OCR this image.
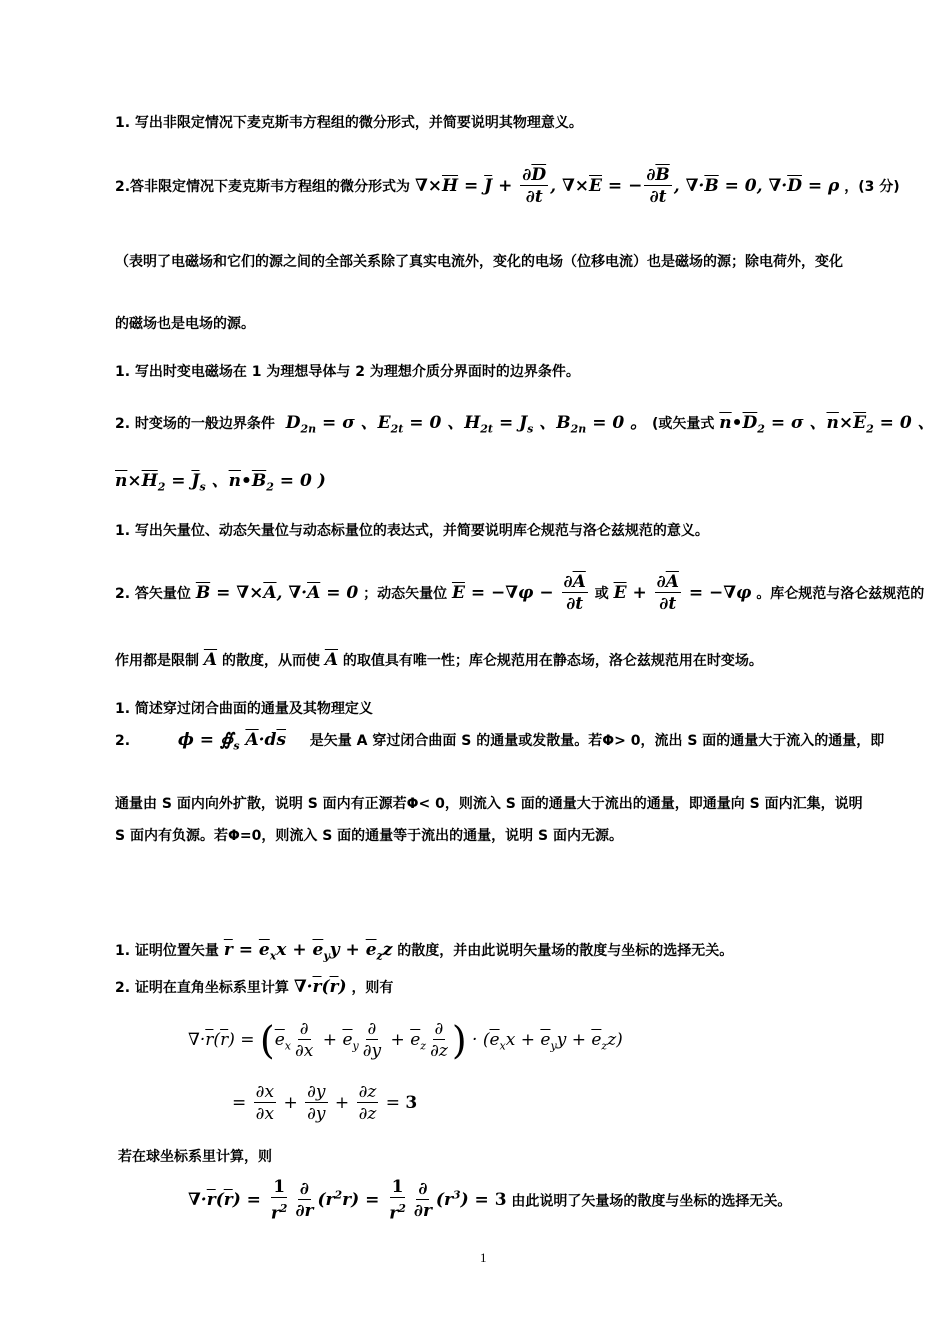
1. 写出非限定情况下麦克斯韦方程组的微分形式，并简要说明其物理意义。
2.答非限定情况下麦克斯韦方程组的微分形式为 $\nabla\times\overline{H} = \overline{J} + \frac{\partial\overline{D}}{\partial t}$ , $\nabla\times\overline{E}$ = − $\frac{\partial\overline{B}}{\partial t}$ , $\nabla\cdot\overline{B} = 0$, $\nabla\cdot\overline{D} = \rho$ ，(3 分)
（表明了电磁场和它们的源之间的全部关系除了真实电流外，变化的电场（位移电流）也是磁场的源；除电荷外，变化
的磁场也是电场的源。
1. 写出时变电磁场在 1 为理想导体与 2 为理想介质分界面时的边界条件。
2. 时变场的一般边界条件  $D_{2n} = \sigma$ 、$E_{2t} = 0$ 、$H_{2t} = J_s$ 、$B_{2n} = 0$ 。 (或矢量式 $\overline{n}•\overline{D}_2 = \sigma$ 、$\overline{n}\times\overline{E}_2 = 0$ 、
$\overline{n}\times\overline{H}_2 = \overline{J}_s$ 、$\overline{n}•\overline{B}_2 = 0$ )
1. 写出矢量位、动态矢量位与动态标量位的表达式，并简要说明库仑规范与洛仑兹规范的意义。
2. 答矢量位 $\overline{B} = \nabla\times\overline{A}$, $\nabla\cdot\overline{A} = 0$ ；动态矢量位 $\overline{E} = -\nabla\varphi - \frac{\partial\overline{A}}{\partial t}$ 或 $\overline{E} + \frac{\partial\overline{A}}{\partial t} = -\nabla\varphi$ 。库仑规范与洛仑兹规范的
作用都是限制 $\overline{A}$ 的散度，从而使 $\overline{A}$ 的取值具有唯一性；库仑规范用在静态场，洛仑兹规范用在时变场。
1. 简述穿过闭合曲面的通量及其物理定义
2.	$\phi = ∯_s$ $\overline{A}\cdot d\overline{s}$ 是矢量 A 穿过闭合曲面 S 的通量或发散量。若Φ> 0，流出 S 面的通量大于流入的通量，即
通量由 S 面内向外扩散，说明 S 面内有正源若Φ< 0，则流入 S 面的通量大于流出的通量，即通量向 S 面内汇集，说明
S 面内有负源。若Φ=0，则流入 S 面的通量等于流出的通量，说明 S 面内无源。
1. 证明位置矢量 $\overline{r} = \overline{e}_xx + \overline{e}_yy + \overline{e}_zz$ 的散度，并由此说明矢量场的散度与坐标的选择无关。
2. 证明在直角坐标系里计算 $\nabla\cdot\overline{r}(\overline{r})$ ，则有
$\nabla\cdot\overline{r}(\overline{r}) = (\overline{e}_x \frac{\partial}{\partial x} + \overline{e}_y \frac{\partial}{\partial y} + \overline{e}_z \frac{\partial}{\partial z}$ ) · $(\overline{e}_xx + \overline{e}_yy + \overline{e}_zz)$
= $\frac{\partial x}{\partial x} + \frac{\partial y}{\partial y} + \frac{\partial z}{\partial z} = 3$
若在球坐标系里计算，则
$\nabla\cdot\overline{r}(\overline{r}) = \frac{1}{r^2} \frac{\partial}{\partial r} (r^2r) = \frac{1}{r^2} \frac{\partial}{\partial r} (r^3) = 3$ 由此说明了矢量场的散度与坐标的选择无关。
1
